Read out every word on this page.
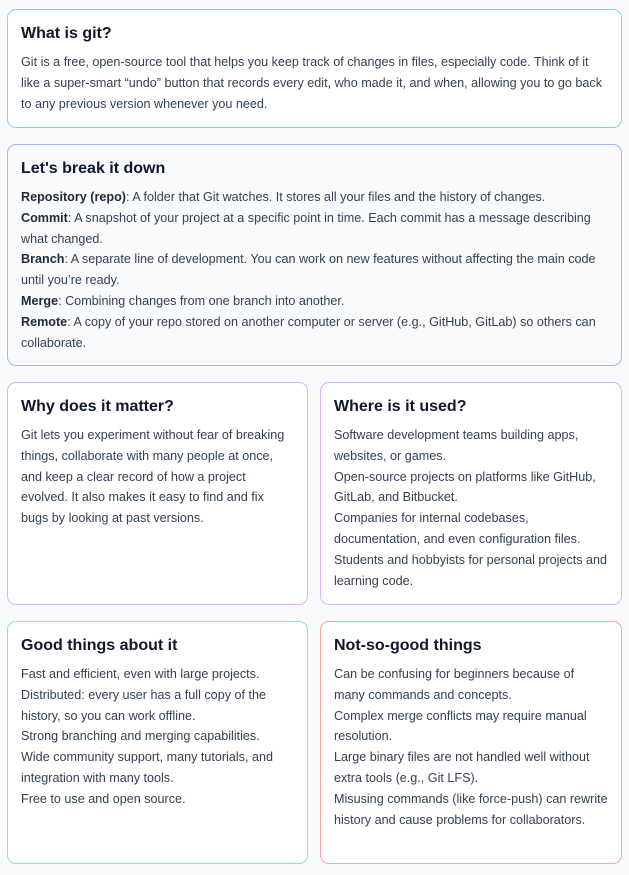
What is git?

Git is a free, open-source tool that helps you keep track of changes in files, especially code. Think of it like a super-smart “undo” button that records every edit, who made it, and when, allowing you to go back to any previous version whenever you need.

Let's break it down
Repository (repo): A folder that Git watches. It stores all your files and the history of changes.
Commit: A snapshot of your project at a specific point in time. Each commit has a message describing what changed.
Branch: A separate line of development. You can work on new features without affecting the main code until you’re ready.
Merge: Combining changes from one branch into another.
Remote: A copy of your repo stored on another computer or server (e.g., GitHub, GitLab) so others can collaborate.
Why does it matter?

Git lets you experiment without fear of breaking things, collaborate with many people at once, and keep a clear record of how a project evolved. It also makes it easy to find and fix bugs by looking at past versions.

Where is it used?
Software development teams building apps, websites, or games.
Open-source projects on platforms like GitHub, GitLab, and Bitbucket.
Companies for internal codebases, documentation, and even configuration files.
Students and hobbyists for personal projects and learning code.
Good things about it
Fast and efficient, even with large projects.
Distributed: every user has a full copy of the history, so you can work offline.
Strong branching and merging capabilities.
Wide community support, many tutorials, and integration with many tools.
Free to use and open source.
Not-so-good things
Can be confusing for beginners because of many commands and concepts.
Complex merge conflicts may require manual resolution.
Large binary files are not handled well without extra tools (e.g., Git LFS).
Misusing commands (like force-push) can rewrite history and cause problems for collaborators.
